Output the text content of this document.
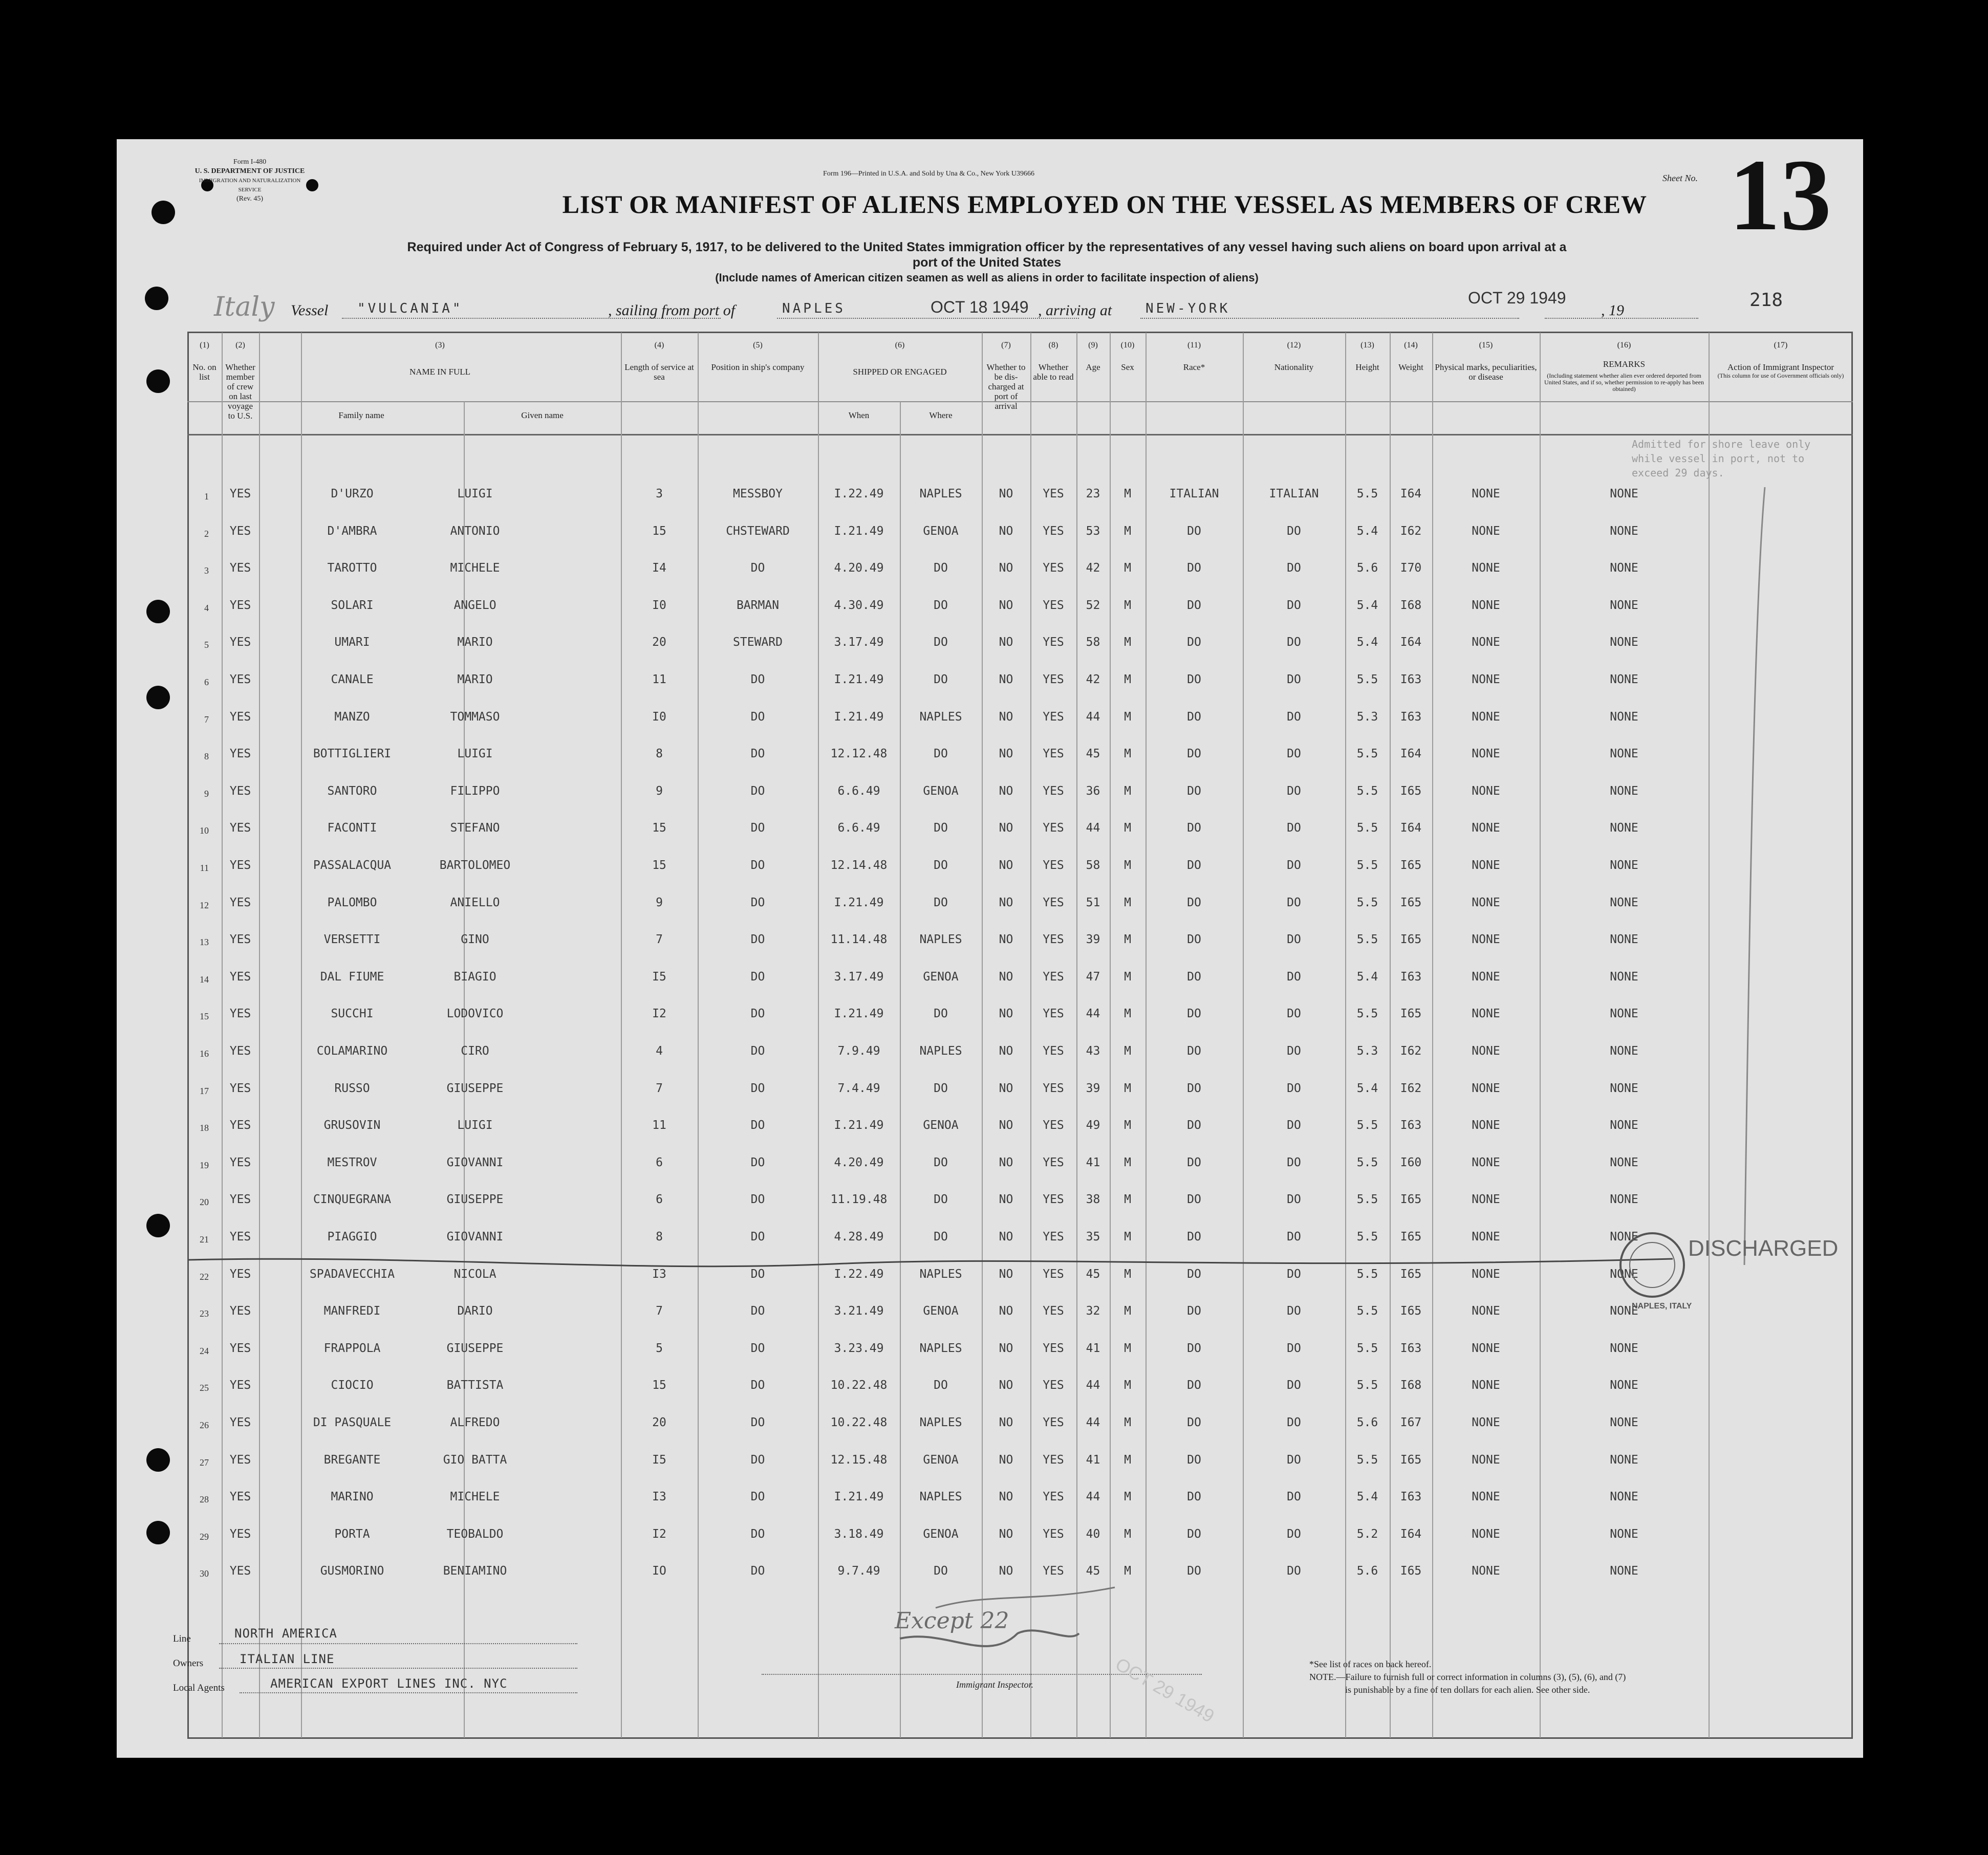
Form I-480
U. S. DEPARTMENT OF JUSTICE
IMMIGRATION AND NATURALIZATION SERVICE
(Rev. 45)
Form 196—Printed in U.S.A. and Sold by Una & Co., New York U39666	Sheet No. 13
LIST OR MANIFEST OF ALIENS EMPLOYED ON THE VESSEL AS MEMBERS OF CREW
Required under Act of Congress of February 5, 1917, to be delivered to the United States immigration officer by the representatives of any vessel having such aliens on board upon arrival at a
port of the United States
(Include names of American citizen seamen as well as aliens in order to facilitate inspection of aliens)
Italy Vessel "VULCANIA"	, sailing from port of	NAPLES	OCT 18 1949 , arriving at	NEW-YORK
OCT 29 1949
, 19	218
(1)
No. on list
(2)
Whether member of crew on last voyage to U.S.
(3)
NAME IN FULL
Family name	Given name
(4)
Length of service at sea
(5)
Position in ship's company
(6)
SHIPPED OR ENGAGED
When	Where
(7)
Whether to be dis-charged at port of arrival
(8)
Whether able to read
(9)
Age
(10)
Sex
(11)
Race*
(12)
Nationality
(13)
Height
(14)
Weight
(15)
Physical marks, peculiarities, or disease
(16)
REMARKS
(Including statement whether alien ever ordered deported from United States, and if so, whether permission to re-apply has been obtained)
(17)
Action of Immigrant Inspector
(This column for use of Government officials only)
1	YES	D'URZO	LUIGI	3	MESSBOY	I.22.49	NAPLES	NO	YES	23	M	ITALIAN	ITALIAN	5.5	I64	NONE	NONE
2	YES	D'AMBRA	ANTONIO	15	CHSTEWARD	I.21.49	GENOA	NO	YES	53	M	DO	DO	5.4	I62	NONE	NONE
3	YES	TAROTTO	MICHELE	I4	DO	4.20.49	DO	NO	YES	42	M	DO	DO	5.6	I70	NONE	NONE
4	YES	SOLARI	ANGELO	I0	BARMAN	4.30.49	DO	NO	YES	52	M	DO	DO	5.4	I68	NONE	NONE
5	YES	UMARI	MARIO	20	STEWARD	3.17.49	DO	NO	YES	58	M	DO	DO	5.4	I64	NONE	NONE
6	YES	CANALE	MARIO	11	DO	I.21.49	DO	NO	YES	42	M	DO	DO	5.5	I63	NONE	NONE
7	YES	MANZO	TOMMASO	I0	DO	I.21.49	NAPLES	NO	YES	44	M	DO	DO	5.3	I63	NONE	NONE
8	YES	BOTTIGLIERI	LUIGI	8	DO	12.12.48	DO	NO	YES	45	M	DO	DO	5.5	I64	NONE	NONE
9	YES	SANTORO	FILIPPO	9	DO	6.6.49	GENOA	NO	YES	36	M	DO	DO	5.5	I65	NONE	NONE
10	YES	FACONTI	STEFANO	15	DO	6.6.49	DO	NO	YES	44	M	DO	DO	5.5	I64	NONE	NONE
11	YES	PASSALACQUA	BARTOLOMEO	15	DO	12.14.48	DO	NO	YES	58	M	DO	DO	5.5	I65	NONE	NONE
12	YES	PALOMBO	ANIELLO	9	DO	I.21.49	DO	NO	YES	51	M	DO	DO	5.5	I65	NONE	NONE
13	YES	VERSETTI	GINO	7	DO	11.14.48	NAPLES	NO	YES	39	M	DO	DO	5.5	I65	NONE	NONE
14	YES	DAL FIUME	BIAGIO	I5	DO	3.17.49	GENOA	NO	YES	47	M	DO	DO	5.4	I63	NONE	NONE
15	YES	SUCCHI	LODOVICO	I2	DO	I.21.49	DO	NO	YES	44	M	DO	DO	5.5	I65	NONE	NONE
16	YES	COLAMARINO	CIRO	4	DO	7.9.49	NAPLES	NO	YES	43	M	DO	DO	5.3	I62	NONE	NONE
17	YES	RUSSO	GIUSEPPE	7	DO	7.4.49	DO	NO	YES	39	M	DO	DO	5.4	I62	NONE	NONE
18	YES	GRUSOVIN	LUIGI	11	DO	I.21.49	GENOA	NO	YES	49	M	DO	DO	5.5	I63	NONE	NONE
19	YES	MESTROV	GIOVANNI	6	DO	4.20.49	DO	NO	YES	41	M	DO	DO	5.5	I60	NONE	NONE
20	YES	CINQUEGRANA	GIUSEPPE	6	DO	11.19.48	DO	NO	YES	38	M	DO	DO	5.5	I65	NONE	NONE
21	YES	PIAGGIO	GIOVANNI	8	DO	4.28.49	DO	NO	YES	35	M	DO	DO	5.5	I65	NONE	NONE
22	YES	SPADAVECCHIA	NICOLA	I3	DO	I.22.49	NAPLES	NO	YES	45	M	DO	DO	5.5	I65	NONE	NONE
23	YES	MANFREDI	DARIO	7	DO	3.21.49	GENOA	NO	YES	32	M	DO	DO	5.5	I65	NONE	NONE
24	YES	FRAPPOLA	GIUSEPPE	5	DO	3.23.49	NAPLES	NO	YES	41	M	DO	DO	5.5	I63	NONE	NONE
25	YES	CIOCIO	BATTISTA	15	DO	10.22.48	DO	NO	YES	44	M	DO	DO	5.5	I68	NONE	NONE
26	YES	DI PASQUALE	ALFREDO	20	DO	10.22.48	NAPLES	NO	YES	44	M	DO	DO	5.6	I67	NONE	NONE
27	YES	BREGANTE	GIO BATTA	I5	DO	12.15.48	GENOA	NO	YES	41	M	DO	DO	5.5	I65	NONE	NONE
28	YES	MARINO	MICHELE	I3	DO	I.21.49	NAPLES	NO	YES	44	M	DO	DO	5.4	I63	NONE	NONE
29	YES	PORTA	TEOBALDO	I2	DO	3.18.49	GENOA	NO	YES	40	M	DO	DO	5.2	I64	NONE	NONE
30	YES	GUSMORINO	BENIAMINO	IO	DO	9.7.49	DO	NO	YES	45	M	DO	DO	5.6	I65	NONE	NONE
Admitted for shore leave only while vessel in port, not to exceed 29 days.
DISCHARGED
NAPLES, ITALY
Line	NORTH AMERICA
Owners	ITALIAN LINE
Local Agents	AMERICAN EXPORT LINES INC. NYC
Except 22
Immigrant Inspector.	OCT 29 1949	*See list of races on back hereof.
NOTE.—Failure to furnish full or correct information in columns (3), (5), (6), and (7)
is punishable by a fine of ten dollars for each alien. See other side.
